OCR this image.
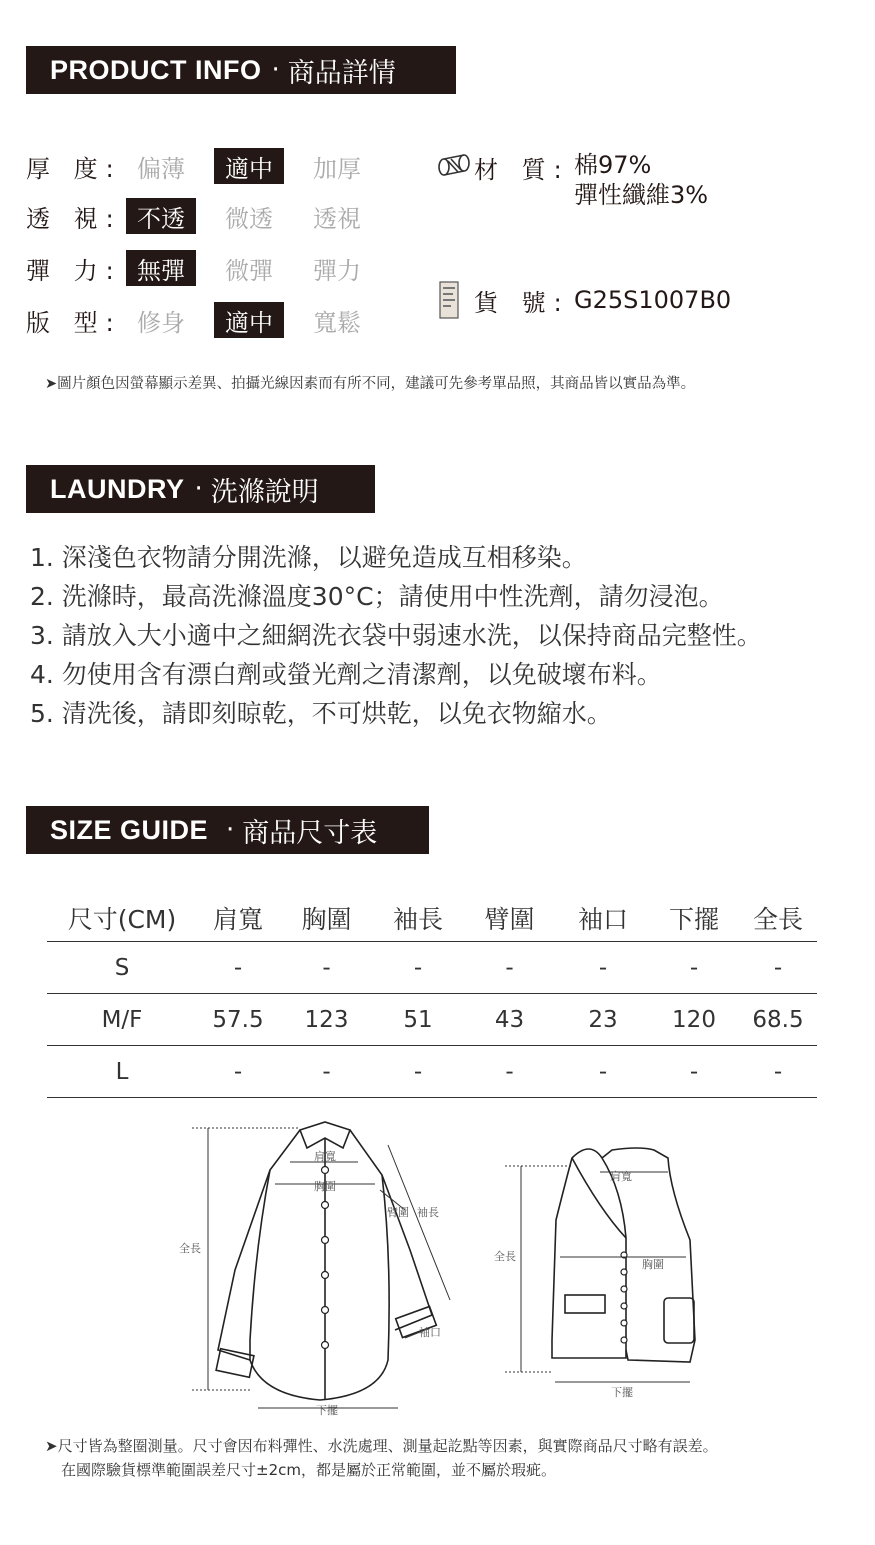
PRODUCT INFO · 商品詳情
厚 度: 偏薄	適中	加厚
透 視: 不透	微透	透視
彈 力: 無彈	微彈	彈力
版 型: 修身	適中	寬鬆
材 質: 棉97%
彈性纖維3%
貨 號: G25S1007B0
➤圖片顏色因螢幕顯示差異、拍攝光線因素而有所不同，建議可先參考單品照，其商品皆以實品為準。
LAUNDRY · 洗滌說明
1. 深淺色衣物請分開洗滌，以避免造成互相移染。
2. 洗滌時，最高洗滌溫度30°C；請使用中性洗劑，請勿浸泡。
3. 請放入大小適中之細網洗衣袋中弱速水洗，以保持商品完整性。
4. 勿使用含有漂白劑或螢光劑之清潔劑，以免破壞布料。
5. 清洗後，請即刻晾乾，不可烘乾，以免衣物縮水。
SIZE GUIDE · 商品尺寸表
尺寸(CM)	肩寬	胸圍	袖長	臂圍	袖口	下擺	全長
S	-	-	-	-	-	-	-
M/F	57.5	123	51	43	23	120	68.5
L	-	-	-	-	-	-	-
肩寬
胸圍
臂圍 袖長
全長
袖口
下擺
肩寬
胸圍
全長
下擺
➤尺寸皆為整圈測量。尺寸會因布料彈性、水洗處理、測量起訖點等因素，與實際商品尺寸略有誤差。
在國際驗貨標準範圍誤差尺寸±2cm，都是屬於正常範圍，並不屬於瑕疵。
